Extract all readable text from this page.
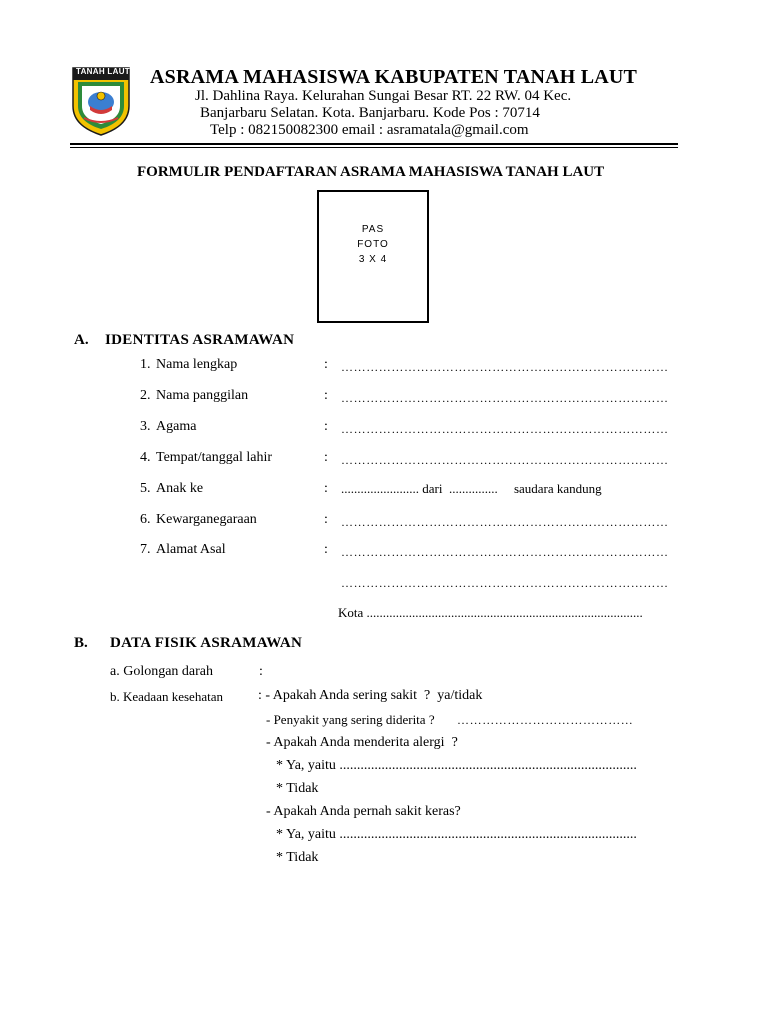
TANAH LAUT ASRAMA MAHASISWA KABUPATEN TANAH LAUT
Jl. Dahlina Raya. Kelurahan Sungai Besar RT. 22 RW. 04 Kec.
Banjarbaru Selatan. Kota. Banjarbaru. Kode Pos : 70714
Telp : 082150082300 email : asramatala@gmail.com
FORMULIR PENDAFTARAN ASRAMA MAHASISWA TANAH LAUT
PAS
FOTO
3 X 4
A. IDENTITAS ASRAMAWAN
1. Nama lengkap	: ……………………………………………………………………
2. Nama panggilan	: ……………………………………………………………………
3. Agama	: ……………………………………………………………………
4. Tempat/tanggal lahir	: ……………………………………………………………………
5. Anak ke	: ........................ dari  ...............     saudara kandung
6. Kewarganegaraan	: ……………………………………………………………………
7. Alamat Asal	: ……………………………………………………………………
……………………………………………………………………
Kota .....................................................................................
B. DATA FISIK ASRAMAWAN
a. Golongan darah	:
b. Keadaan kesehatan	: - Apakah Anda sering sakit  ?  ya/tidak
- Penyakit yang sering diderita ? ……………………………………
- Apakah Anda menderita alergi  ?
* Ya, yaitu .....................................................................................
* Tidak
- Apakah Anda pernah sakit keras?
* Ya, yaitu .....................................................................................
* Tidak
